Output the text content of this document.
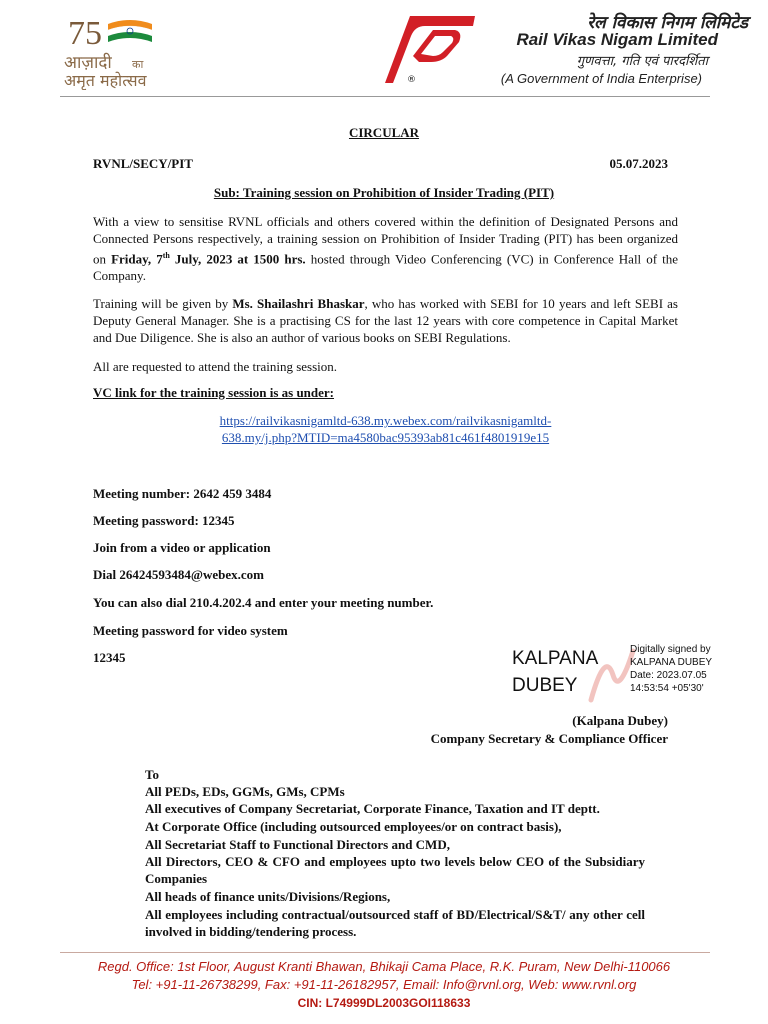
75
आज़ादी का
अमृत महोत्सव	®
रेल विकास निगम लिमिटेड
Rail Vikas Nigam Limited
गुणवत्ता, गति एवं पारदर्शिता
(A Government of India Enterprise)
CIRCULAR
RVNL/SECY/PIT	05.07.2023
Sub: Training session on Prohibition of Insider Trading (PIT)
With a view to sensitise RVNL officials and others covered within the definition of Designated Persons and Connected Persons respectively, a training session on Prohibition of Insider Trading (PIT) has been organized on Friday, 7th July, 2023 at 1500 hrs. hosted through Video Conferencing (VC) in Conference Hall of the Company.
Training will be given by Ms. Shailashri Bhaskar, who has worked with SEBI for 10 years and left SEBI as Deputy General Manager. She is a practising CS for the last 12 years with core competence in Capital Market and Due Diligence. She is also an author of various books on SEBI Regulations.
All are requested to attend the training session.
VC link for the training session is as under:
https://railvikasnigamltd-638.my.webex.com/railvikasnigamltd-
638.my/j.php?MTID=ma4580bac95393ab81c461f4801919e15
Meeting number: 2642 459 3484
Meeting password: 12345
Join from a video or application
Dial 26424593484@webex.com
You can also dial 210.4.202.4 and enter your meeting number.
Meeting password for video system
12345	KALPANA
DUBEY
Digitally signed by
KALPANA DUBEY
Date: 2023.07.05
14:53:54 +05'30'
(Kalpana Dubey)
Company Secretary & Compliance Officer
To
All PEDs, EDs, GGMs, GMs, CPMs
All executives of Company Secretariat, Corporate Finance, Taxation and IT deptt.
At Corporate Office (including outsourced employees/or on contract basis),
All Secretariat Staff to Functional Directors and CMD,
All Directors, CEO & CFO and employees upto two levels below CEO of the Subsidiary Companies
All heads of finance units/Divisions/Regions,
All employees including contractual/outsourced staff of BD/Electrical/S&T/ any other cell involved in bidding/tendering process.
Regd. Office: 1st Floor, August Kranti Bhawan, Bhikaji Cama Place, R.K. Puram, New Delhi-110066
Tel: +91-11-26738299, Fax: +91-11-26182957, Email: Info@rvnl.org, Web: www.rvnl.org
CIN: L74999DL2003GOI118633
